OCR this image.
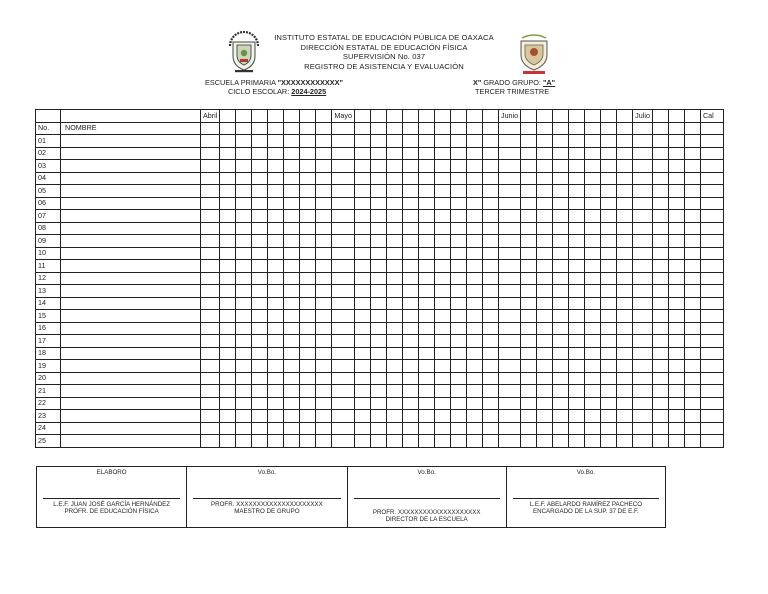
INSTITUTO ESTATAL DE EDUCACIÓN PÚBLICA DE OAXACA
DIRECCIÓN ESTATAL DE EDUCACIÓN FÍSICA
SUPERVISIÓN No. 037
REGISTRO DE ASISTENCIA Y EVALUACIÓN
ESCUELA PRIMARIA "XXXXXXXXXXXX"
CICLO ESCOLAR: 2024-2025
X" GRADO GRUPO: "A"
TERCER TRIMESTRE
		Abril								Mayo										Junio								Julio				Cal
No.	NOMBRE																															
01																																
02																																
03																																
04																																
05																																
06																																
07																																
08																																
09																																
10																																
11																																
12																																
13																																
14																																
15																																
16																																
17																																
18																																
19																																
20																																
21																																
22																																
23																																
24																																
25																																
ELABORO
L.E.F. JUAN JOSÉ GARCÍA HERNÁNDEZ
PROFR. DE EDUCACIÓN FÍSICA
Vo.Bo.
PROFR. XXXXXXXXXXXXXXXXXXXXX
MAESTRO DE GRUPO
Vo.Bo.
PROFR. XXXXXXXXXXXXXXXXXXXX
DIRECTOR DE LA ESCUELA
Vo.Bo.
L.E.F. ABELARDO RAMÍREZ PACHECO
ENCARGADO DE LA SUP. 37 DE E.F.
